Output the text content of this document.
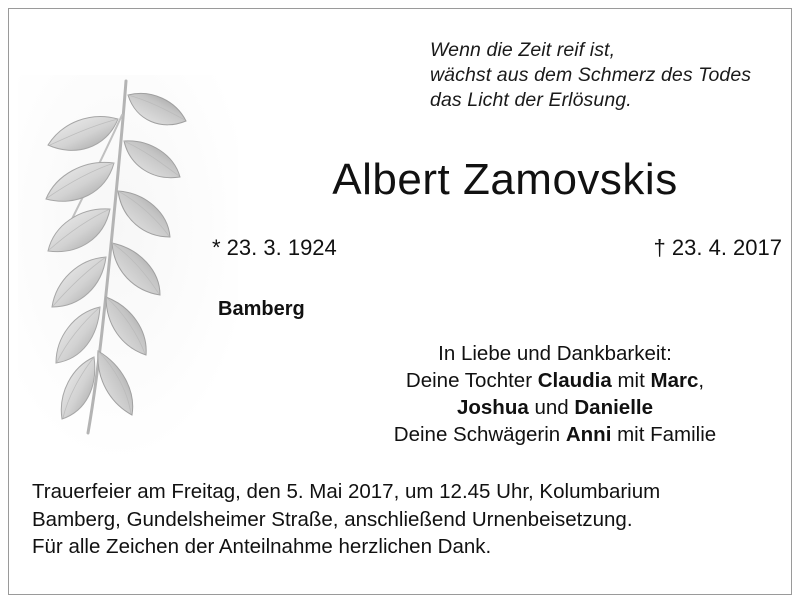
Wenn die Zeit reif ist,
wächst aus dem Schmerz des Todes
das Licht der Erlösung.
Albert Zamovskis
* 23. 3. 1924	† 23. 4. 2017
Bamberg
In Liebe und Dankbarkeit:
Deine Tochter Claudia mit Marc,
Joshua und Danielle
Deine Schwägerin Anni mit Familie
Trauerfeier am Freitag, den 5. Mai 2017, um 12.45 Uhr, Kolumbarium
Bamberg, Gundelsheimer Straße, anschließend Urnenbeisetzung.
Für alle Zeichen der Anteilnahme herzlichen Dank.
